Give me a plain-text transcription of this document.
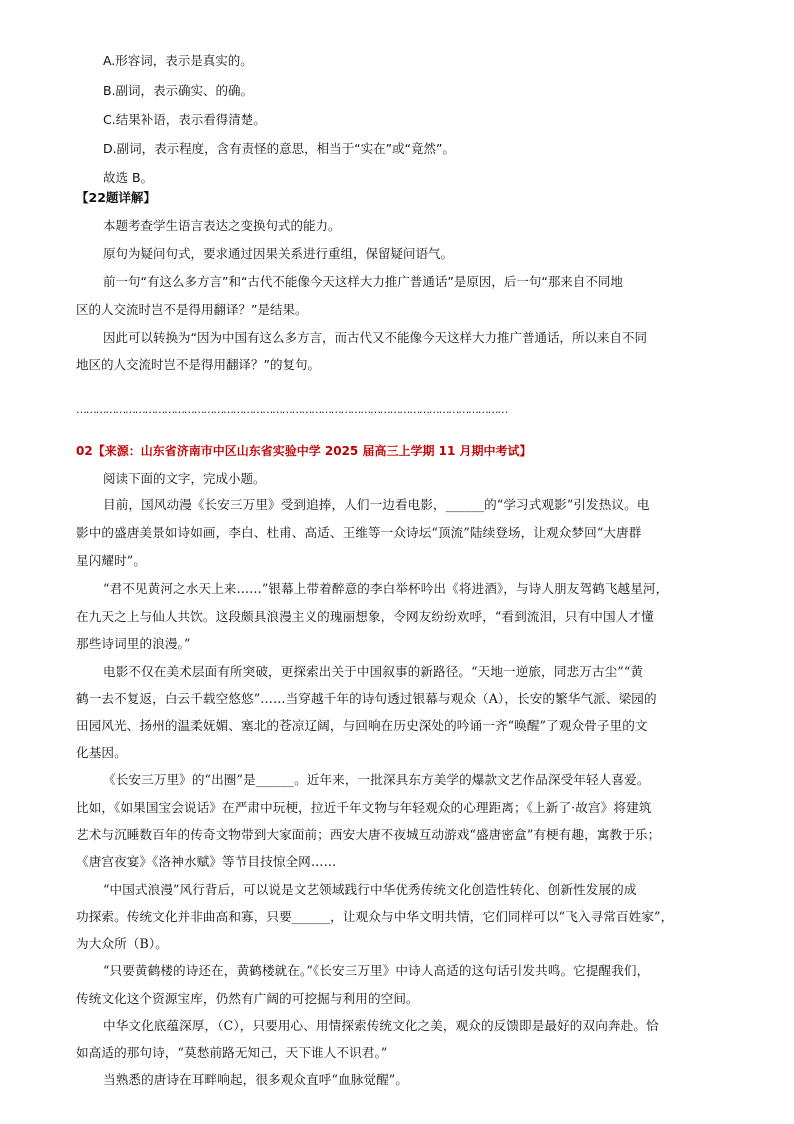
A.形容词，表示是真实的。
B.副词，表示确实、的确。
C.结果补语，表示看得清楚。
D.副词，表示程度，含有责怪的意思，相当于“实在”或“竟然”。
故选 B。
【22题详解】
本题考查学生语言表达之变换句式的能力。
原句为疑问句式，要求通过因果关系进行重组，保留疑问语气。
前一句“有这么多方言”和“古代不能像今天这样大力推广普通话”是原因，后一句“那来自不同地
区的人交流时岂不是得用翻译？”是结果。
因此可以转换为“因为中国有这么多方言，而古代又不能像今天这样大力推广普通话，所以来自不同
地区的人交流时岂不是得用翻译？”的复句。
……………………………………………………………………………………………………………………
02【来源：山东省济南市中区山东省实验中学 2025 届高三上学期 11 月期中考试】
阅读下面的文字，完成小题。
目前，国风动漫《长安三万里》受到追捧，人们一边看电影，______的“学习式观影”引发热议。电
影中的盛唐美景如诗如画，李白、杜甫、高适、王维等一众诗坛“顶流”陆续登场，让观众梦回“大唐群
星闪耀时”。
“君不见黄河之水天上来……”银幕上带着醉意的李白举杯吟出《将进酒》，与诗人朋友驾鹤飞越星河，
在九天之上与仙人共饮。这段颇具浪漫主义的瑰丽想象，令网友纷纷欢呼，“看到流泪，只有中国人才懂
那些诗词里的浪漫。”
电影不仅在美术层面有所突破，更探索出关于中国叙事的新路径。“天地一逆旅，同悲万古尘”“黄
鹤一去不复返，白云千载空悠悠”……当穿越千年的诗句透过银幕与观众（A），长安的繁华气派、梁园的
田园风光、扬州的温柔妩媚、塞北的苍凉辽阔，与回响在历史深处的吟诵一齐“唤醒”了观众骨子里的文
化基因。
《长安三万里》的“出圈”是______。近年来，一批深具东方美学的爆款文艺作品深受年轻人喜爱。
比如，《如果国宝会说话》在严肃中玩梗，拉近千年文物与年轻观众的心理距离；《上新了·故宫》将建筑
艺术与沉睡数百年的传奇文物带到大家面前；西安大唐不夜城互动游戏“盛唐密盒”有梗有趣，寓教于乐；
《唐宫夜宴》《洛神水赋》等节目技惊全网……
“中国式浪漫”风行背后，可以说是文艺领域践行中华优秀传统文化创造性转化、创新性发展的成
功探索。传统文化并非曲高和寡，只要______，让观众与中华文明共情，它们同样可以“飞入寻常百姓家”，
为大众所（B）。
“只要黄鹤楼的诗还在，黄鹤楼就在。”《长安三万里》中诗人高适的这句话引发共鸣。它提醒我们，
传统文化这个资源宝库，仍然有广阔的可挖掘与利用的空间。
中华文化底蕴深厚，（C），只要用心、用情探索传统文化之美，观众的反馈即是最好的双向奔赴。恰
如高适的那句诗，“莫愁前路无知己，天下谁人不识君。”
当熟悉的唐诗在耳畔响起，很多观众直呼“血脉觉醒”。
